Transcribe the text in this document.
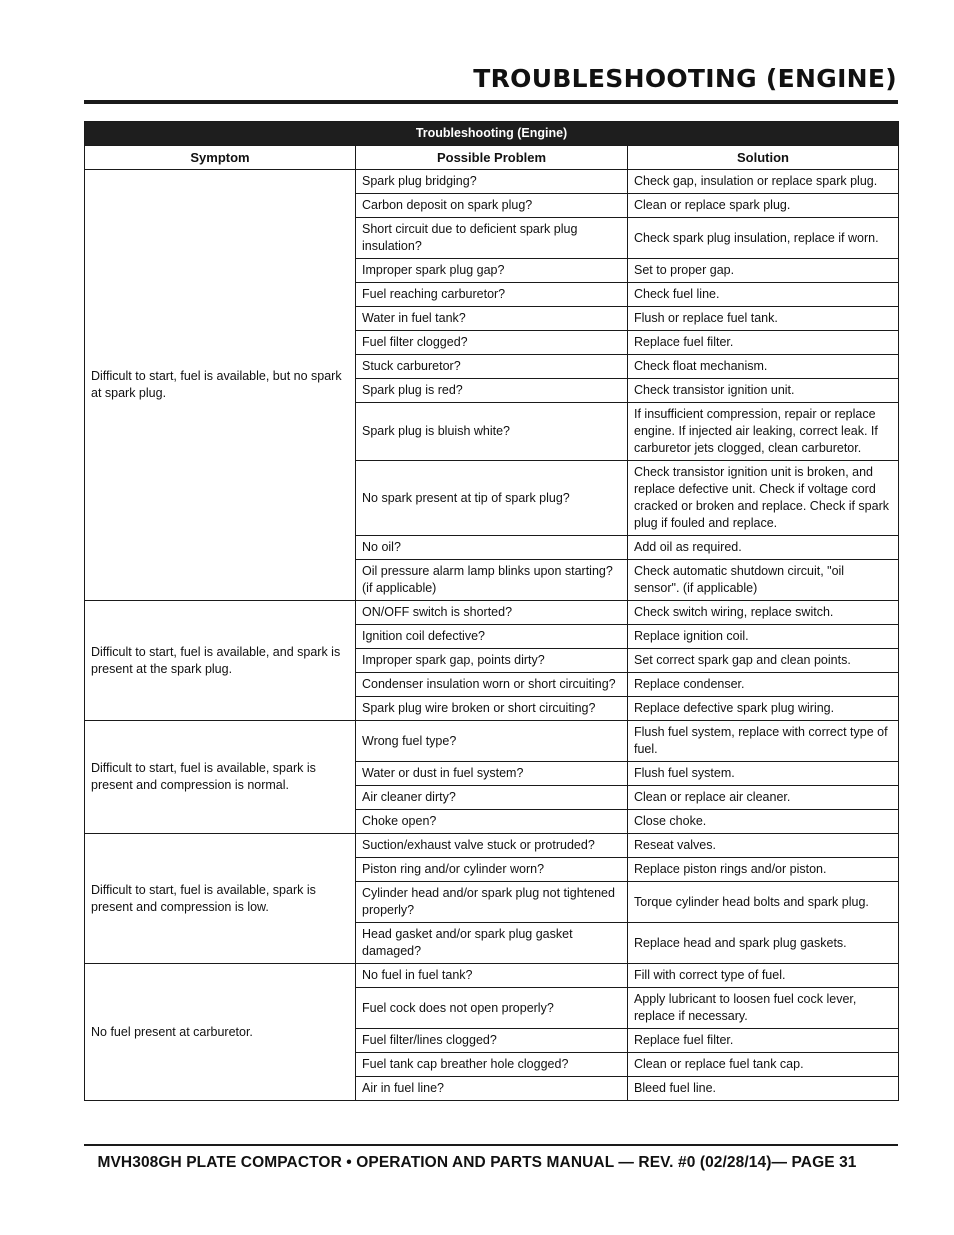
TROUBLESHOOTING (ENGINE)
Troubleshooting (Engine)		
Symptom	Possible Problem	Solution
Difficult to start, fuel is available, but no spark at spark plug.	Spark plug bridging?	Check gap, insulation or replace spark plug.
	Carbon deposit on spark plug?	Clean or replace spark plug.
	Short circuit due to deficient spark plug insulation?	Check spark plug insulation, replace if worn.
	Improper spark plug gap?	Set to proper gap.
	Fuel reaching carburetor?	Check fuel line.
	Water in fuel tank?	Flush or replace fuel tank.
	Fuel filter clogged?	Replace fuel filter.
	Stuck carburetor?	Check float mechanism.
	Spark plug is red?	Check transistor ignition unit.
	Spark plug is bluish white?	If insufficient compression, repair or replace engine. If injected air leaking, correct leak. If carburetor jets clogged, clean carburetor.
	No spark present at tip of spark plug?	Check transistor ignition unit is broken, and replace defective unit. Check if voltage cord cracked or broken and replace. Check if spark plug if fouled and replace.
	No oil?	Add oil as required.
	Oil pressure alarm lamp blinks upon starting? (if applicable)	Check automatic shutdown circuit, "oil sensor". (if applicable)
Difficult to start, fuel is available, and spark is present at the spark plug.	ON/OFF switch is shorted?	Check switch wiring, replace switch.
	Ignition coil defective?	Replace ignition coil.
	Improper spark gap, points dirty?	Set correct spark gap and clean points.
	Condenser insulation worn or short circuiting?	Replace condenser.
	Spark plug wire broken or short circuiting?	Replace defective spark plug wiring.
Difficult to start, fuel is available, spark is present and compression is normal.	Wrong fuel type?	Flush fuel system, replace with correct type of fuel.
	Water or dust in fuel system?	Flush fuel system.
	Air cleaner dirty?	Clean or replace air cleaner.
	Choke open?	Close choke.
Difficult to start, fuel is available, spark is present and compression is low.	Suction/exhaust valve stuck or protruded?	Reseat valves.
	Piston ring and/or cylinder worn?	Replace piston rings and/or piston.
	Cylinder head and/or spark plug not tightened properly?	Torque cylinder head bolts and spark plug.
	Head gasket and/or spark plug gasket damaged?	Replace head and spark plug gaskets.
No fuel present at carburetor.	No fuel in fuel tank?	Fill with correct type of fuel.
	Fuel cock does not open properly?	Apply lubricant to loosen fuel cock lever, replace if necessary.
	Fuel filter/lines clogged?	Replace fuel filter.
	Fuel tank cap breather hole clogged?	Clean or replace fuel tank cap.
	Air in fuel line?	Bleed fuel line.
MVH308GH PLATE COMPACTOR • OPERATION AND PARTS MANUAL — REV. #0 (02/28/14)— PAGE 31
